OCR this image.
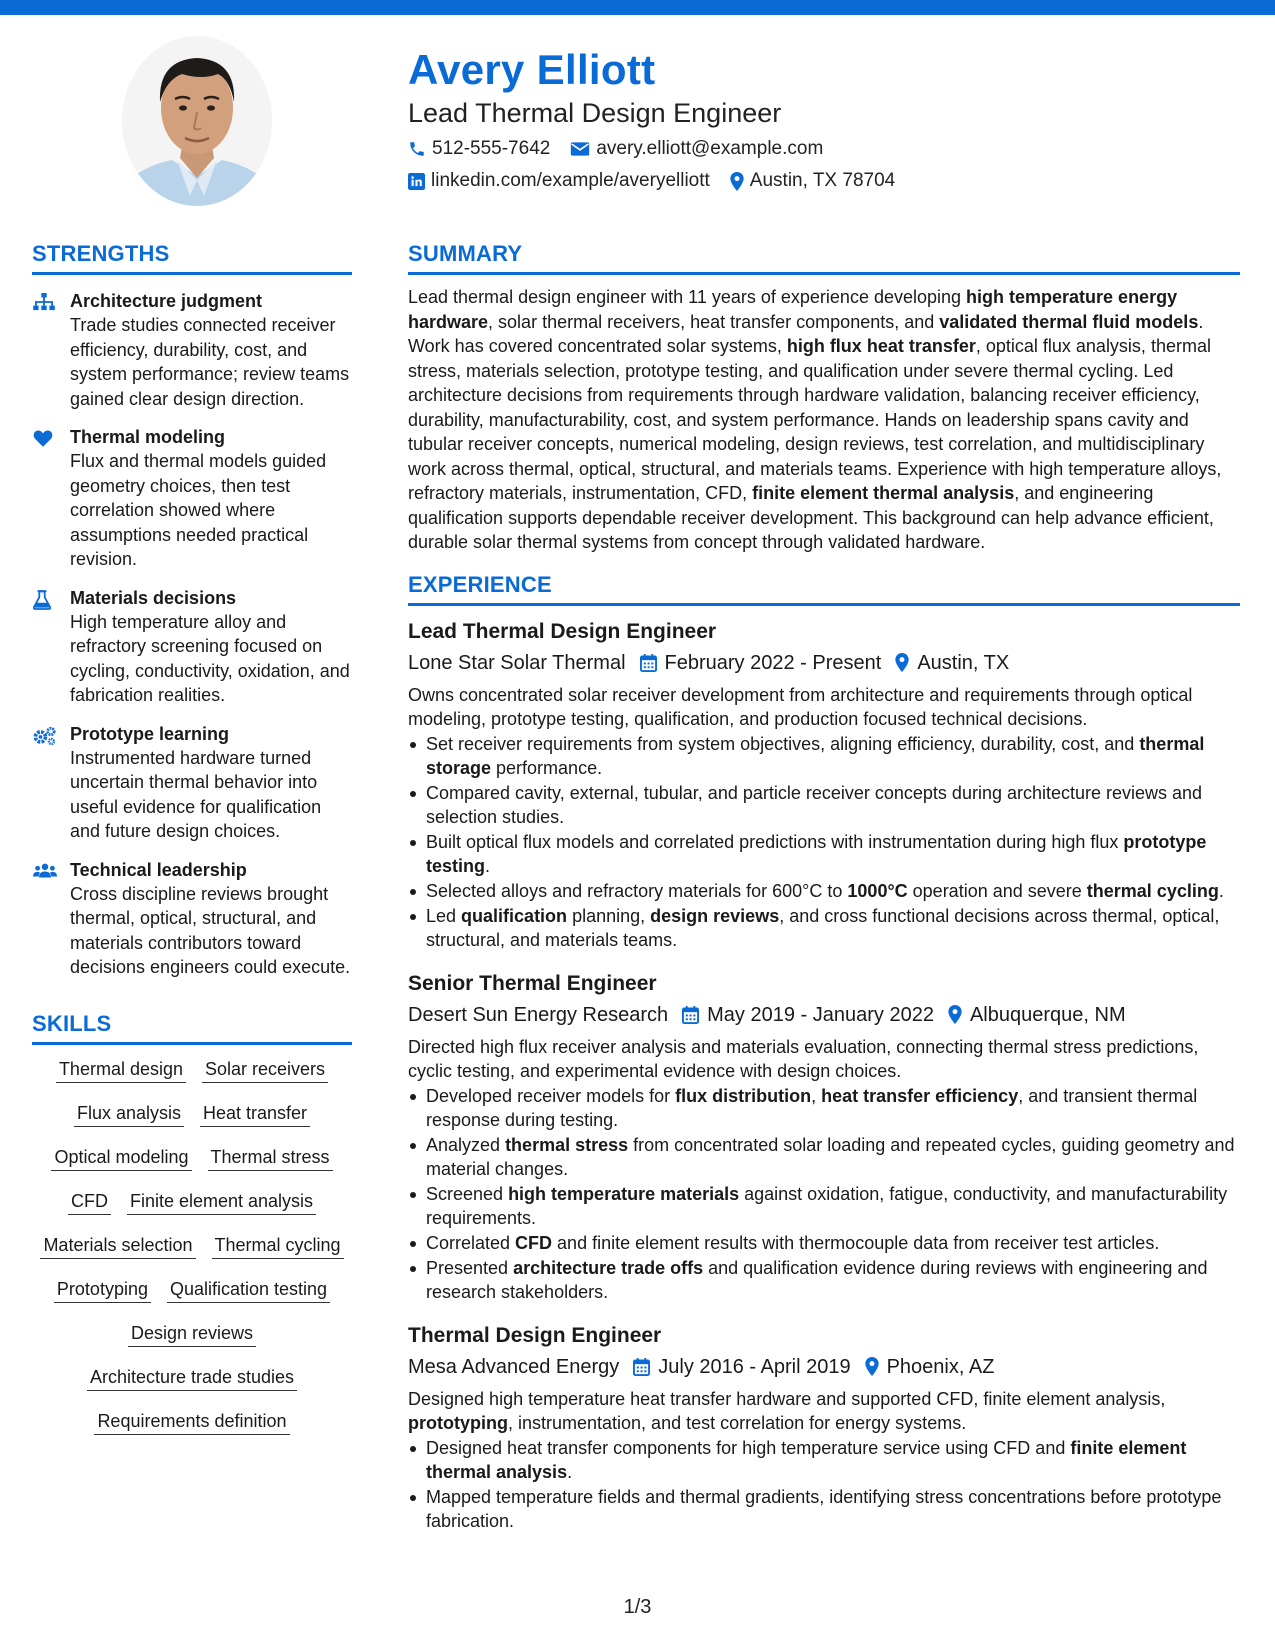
Avery Elliott
Lead Thermal Design Engineer
512-555-7642 avery.elliott@example.com
linkedin.com/example/averyelliott Austin, TX 78704
STRENGTHS
Architecture judgment
Trade studies connected receiver efficiency, durability, cost, and system performance; review teams gained clear design direction.
Thermal modeling
Flux and thermal models guided geometry choices, then test correlation showed where assumptions needed practical revision.
Materials decisions
High temperature alloy and refractory screening focused on cycling, conductivity, oxidation, and fabrication realities.
Prototype learning
Instrumented hardware turned uncertain thermal behavior into useful evidence for qualification and future design choices.
Technical leadership
Cross discipline reviews brought thermal, optical, structural, and materials contributors toward decisions engineers could execute.
SKILLS
Thermal design Solar receivers
Flux analysis Heat transfer
Optical modeling Thermal stress
CFD Finite element analysis
Materials selection Thermal cycling
Prototyping Qualification testing
Design reviews
Architecture trade studies
Requirements definition
SUMMARY
Lead thermal design engineer with 11 years of experience developing high temperature energy hardware, solar thermal receivers, heat transfer components, and validated thermal fluid models. Work has covered concentrated solar systems, high flux heat transfer, optical flux analysis, thermal stress, materials selection, prototype testing, and qualification under severe thermal cycling. Led architecture decisions from requirements through hardware validation, balancing receiver efficiency, durability, manufacturability, cost, and system performance. Hands on leadership spans cavity and tubular receiver concepts, numerical modeling, design reviews, test correlation, and multidisciplinary work across thermal, optical, structural, and materials teams. Experience with high temperature alloys, refractory materials, instrumentation, CFD, finite element thermal analysis, and engineering qualification supports dependable receiver development. This background can help advance efficient, durable solar thermal systems from concept through validated hardware.
EXPERIENCE
Lead Thermal Design Engineer
Lone Star Solar Thermal February 2022 - Present Austin, TX
Owns concentrated solar receiver development from architecture and requirements through optical modeling, prototype testing, qualification, and production focused technical decisions.
Set receiver requirements from system objectives, aligning efficiency, durability, cost, and thermal storage performance.
Compared cavity, external, tubular, and particle receiver concepts during architecture reviews and selection studies.
Built optical flux models and correlated predictions with instrumentation during high flux prototype testing.
Selected alloys and refractory materials for 600°C to 1000°C operation and severe thermal cycling.
Led qualification planning, design reviews, and cross functional decisions across thermal, optical, structural, and materials teams.
Senior Thermal Engineer
Desert Sun Energy Research May 2019 - January 2022 Albuquerque, NM
Directed high flux receiver analysis and materials evaluation, connecting thermal stress predictions, cyclic testing, and experimental evidence with design choices.
Developed receiver models for flux distribution, heat transfer efficiency, and transient thermal response during testing.
Analyzed thermal stress from concentrated solar loading and repeated cycles, guiding geometry and material changes.
Screened high temperature materials against oxidation, fatigue, conductivity, and manufacturability requirements.
Correlated CFD and finite element results with thermocouple data from receiver test articles.
Presented architecture trade offs and qualification evidence during reviews with engineering and research stakeholders.
Thermal Design Engineer
Mesa Advanced Energy July 2016 - April 2019 Phoenix, AZ
Designed high temperature heat transfer hardware and supported CFD, finite element analysis, prototyping, instrumentation, and test correlation for energy systems.
Designed heat transfer components for high temperature service using CFD and finite element thermal analysis.
Mapped temperature fields and thermal gradients, identifying stress concentrations before prototype fabrication.
1/3
